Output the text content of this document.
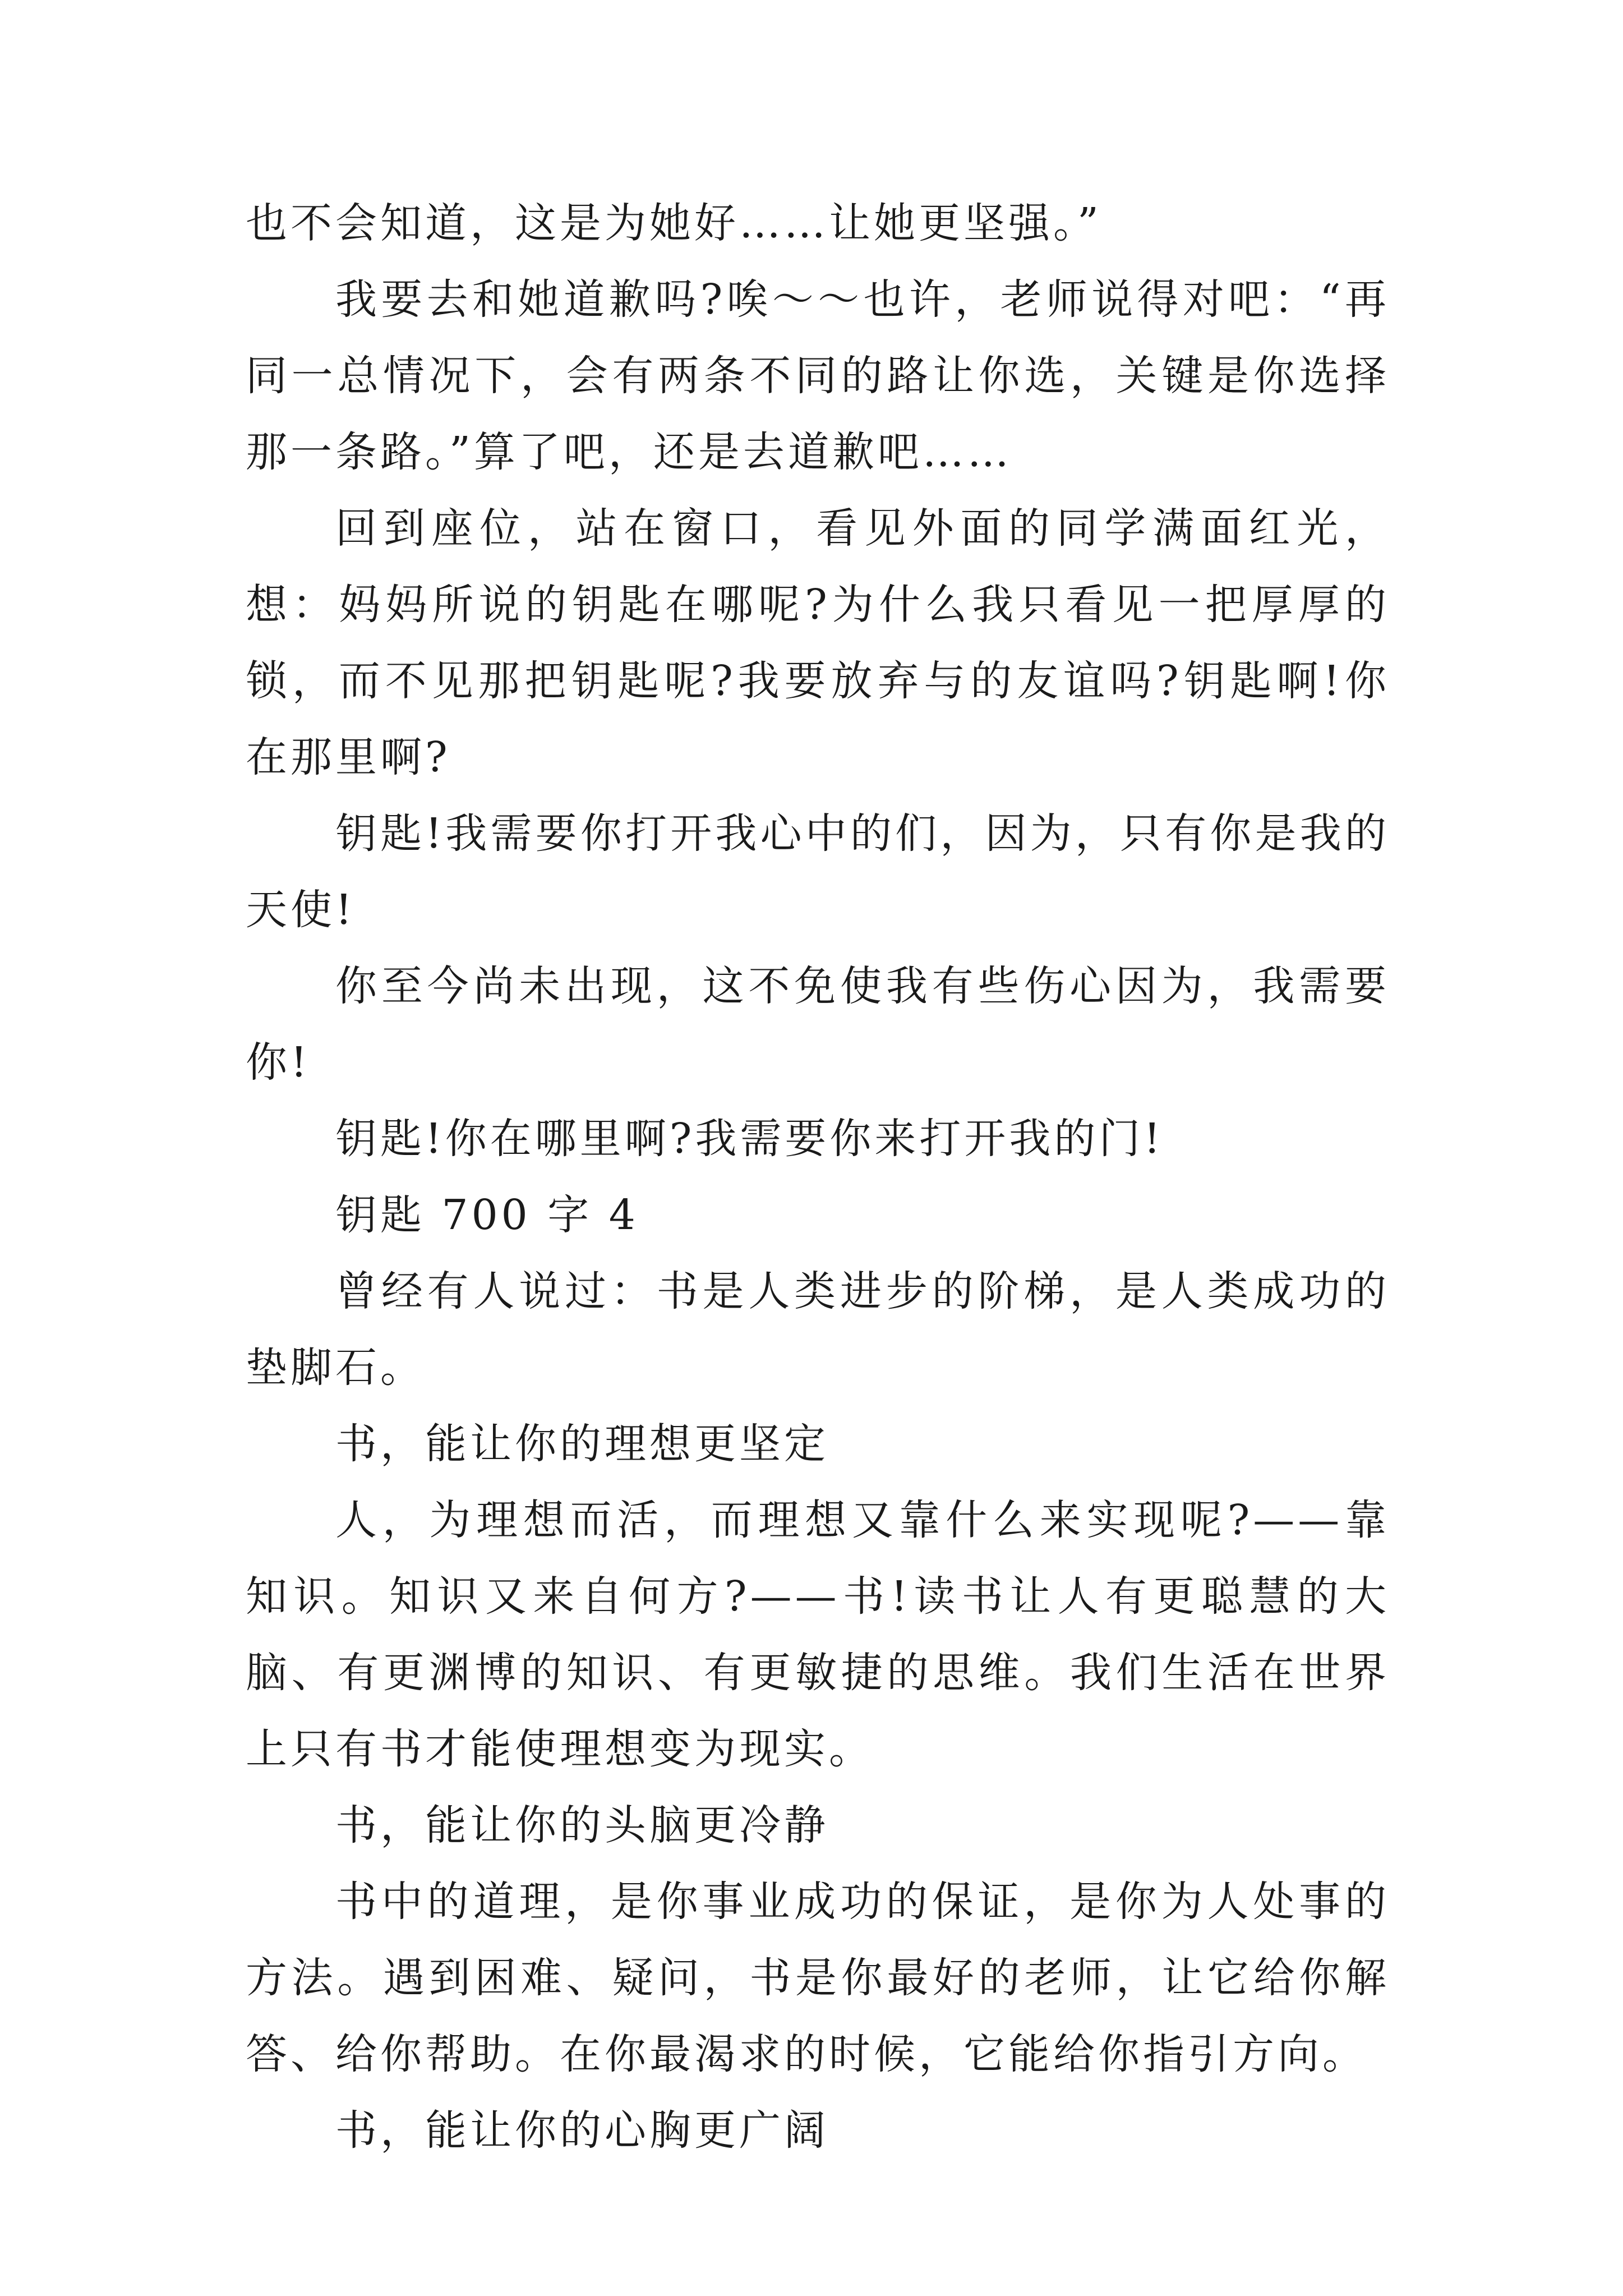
也不会知道，这是为她好……让她更坚强。”

我要去和她道歉吗?唉～～也许，老师说得对吧：“再同一总情况下，会有两条不同的路让你选，关键是你选择那一条路。”算了吧，还是去道歉吧……

回到座位，站在窗口，看见外面的同学满面红光，想：妈妈所说的钥匙在哪呢?为什么我只看见一把厚厚的锁，而不见那把钥匙呢?我要放弃与的友谊吗?钥匙啊!你在那里啊?

钥匙!我需要你打开我心中的们，因为，只有你是我的天使!

你至今尚未出现，这不免使我有些伤心因为，我需要你!

钥匙!你在哪里啊?我需要你来打开我的门!

钥匙 700 字 4

曾经有人说过：书是人类进步的阶梯，是人类成功的垫脚石。

书，能让你的理想更坚定

人，为理想而活，而理想又靠什么来实现呢?——靠知识。知识又来自何方?——书!读书让人有更聪慧的大脑、有更渊博的知识、有更敏捷的思维。我们生活在世界上只有书才能使理想变为现实。

书，能让你的头脑更冷静

书中的道理，是你事业成功的保证，是你为人处事的方法。遇到困难、疑问，书是你最好的老师，让它给你解答、给你帮助。在你最渴求的时候，它能给你指引方向。

书，能让你的心胸更广阔
